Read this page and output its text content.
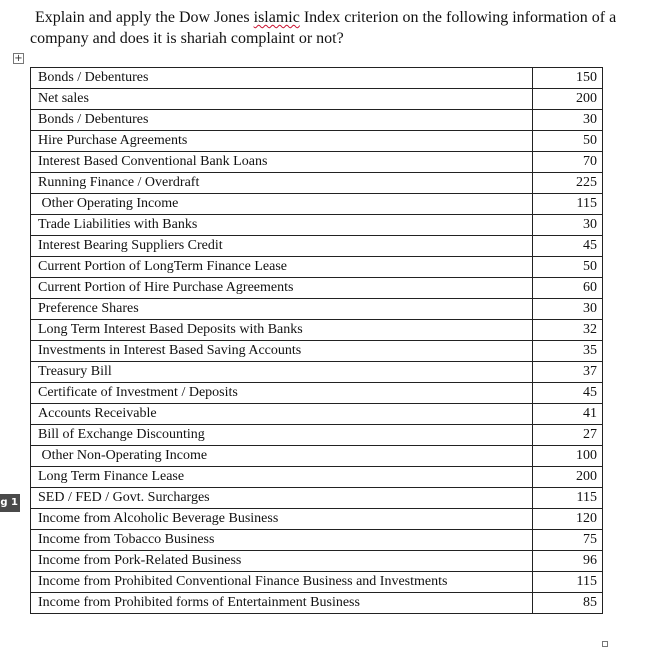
Explain and apply the Dow Jones islamic Index criterion on the following information of a company and does it is shariah complaint or not?

+
g 1
Bonds / Debentures	150
Net sales	200
Bonds / Debentures	30
Hire Purchase Agreements	50
Interest Based Conventional Bank Loans	70
Running Finance / Overdraft	225
Other Operating Income	115
Trade Liabilities with Banks	30
Interest Bearing Suppliers Credit	45
Current Portion of LongTerm Finance Lease	50
Current Portion of Hire Purchase Agreements	60
Preference Shares	30
Long Term Interest Based Deposits with Banks	32
Investments in Interest Based Saving Accounts	35
Treasury Bill	37
Certificate of Investment / Deposits	45
Accounts Receivable	41
Bill of Exchange Discounting	27
Other Non-Operating Income	100
Long Term Finance Lease	200
SED / FED / Govt. Surcharges	115
Income from Alcoholic Beverage Business	120
Income from Tobacco Business	75
Income from Pork-Related Business	96
Income from Prohibited Conventional Finance Business and Investments	115
Income from Prohibited forms of Entertainment Business	85
